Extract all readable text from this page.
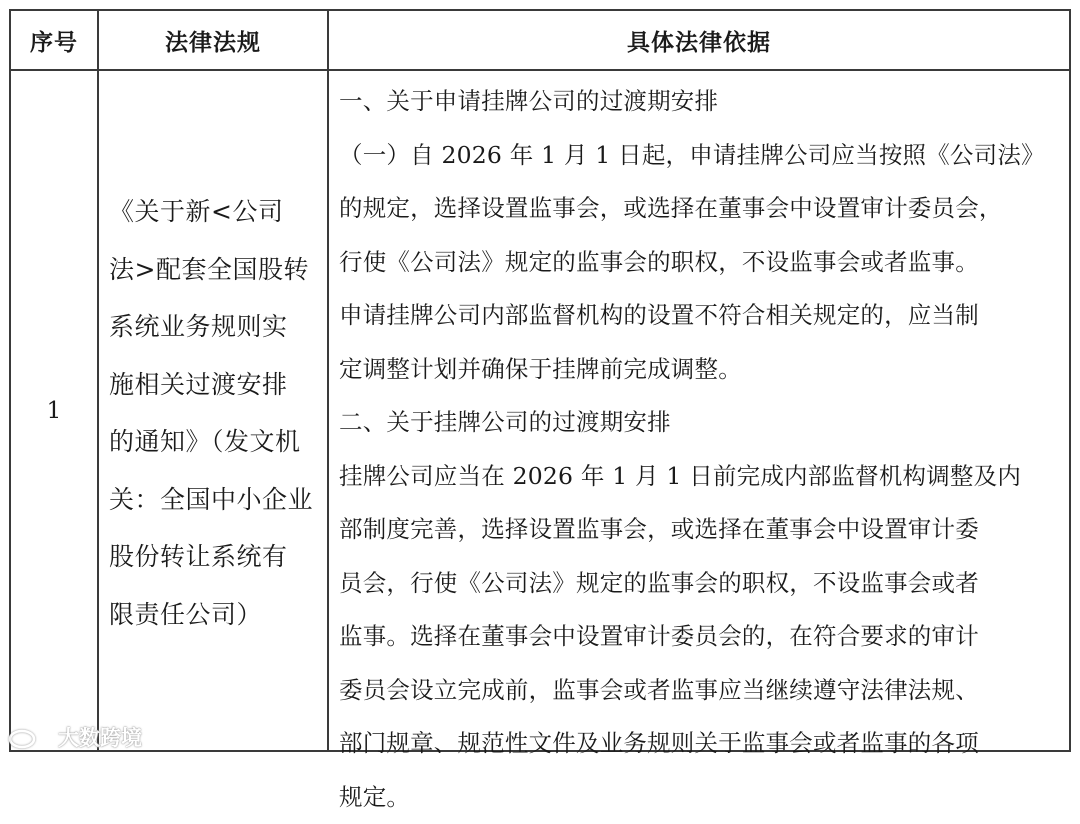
序号	法律法规	具体法律依据
1
《关于新<公司
法>配套全国股转
系统业务规则实
施相关过渡安排
的通知》（发文机
关：全国中小企业
股份转让系统有
限责任公司）
一、关于申请挂牌公司的过渡期安排
（一）自 2026 年 1 月 1 日起，申请挂牌公司应当按照《公司法》
的规定，选择设置监事会，或选择在董事会中设置审计委员会，
行使《公司法》规定的监事会的职权，不设监事会或者监事。
申请挂牌公司内部监督机构的设置不符合相关规定的，应当制
定调整计划并确保于挂牌前完成调整。
二、关于挂牌公司的过渡期安排
挂牌公司应当在 2026 年 1 月 1 日前完成内部监督机构调整及内
部制度完善，选择设置监事会，或选择在董事会中设置审计委
员会，行使《公司法》规定的监事会的职权，不设监事会或者
监事。选择在董事会中设置审计委员会的，在符合要求的审计
委员会设立完成前，监事会或者监事应当继续遵守法律法规、
部门规章、规范性文件及业务规则关于监事会或者监事的各项
规定。
大数跨境
